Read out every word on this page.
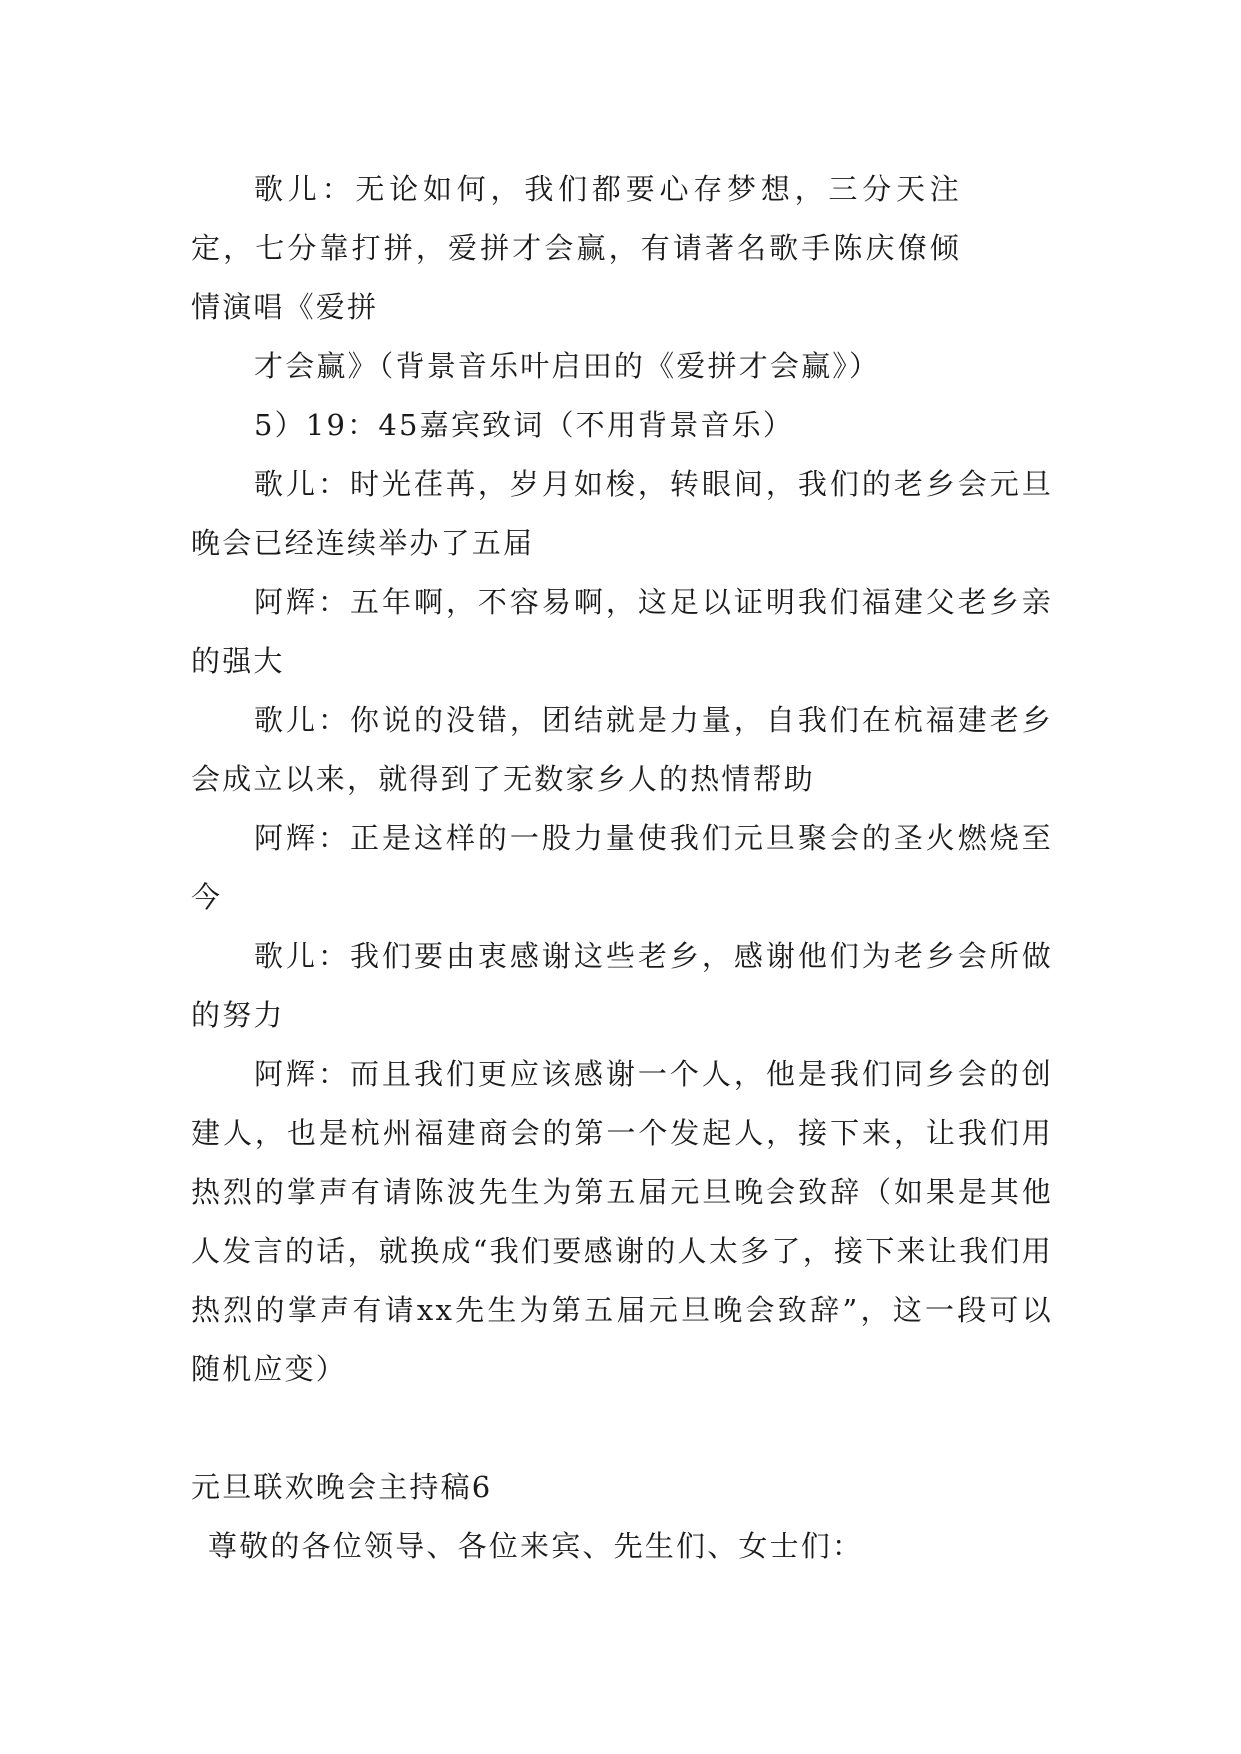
歌儿：无论如何，我们都要心存梦想，三分天注定，七分靠打拼，爱拼才会赢，有请著名歌手陈庆僚倾情演唱《爱拼

才会赢》（背景音乐叶启田的《爱拼才会赢》）

5）19：45嘉宾致词（不用背景音乐）

歌儿：时光荏苒，岁月如梭，转眼间，我们的老乡会元旦晚会已经连续举办了五届

阿辉：五年啊，不容易啊，这足以证明我们福建父老乡亲的强大

歌儿：你说的没错，团结就是力量，自我们在杭福建老乡会成立以来，就得到了无数家乡人的热情帮助

阿辉：正是这样的一股力量使我们元旦聚会的圣火燃烧至今

歌儿：我们要由衷感谢这些老乡，感谢他们为老乡会所做的努力

阿辉：而且我们更应该感谢一个人，他是我们同乡会的创建人，也是杭州福建商会的第一个发起人，接下来，让我们用热烈的掌声有请陈波先生为第五届元旦晚会致辞（如果是其他人发言的话，就换成“我们要感谢的人太多了，接下来让我们用热烈的掌声有请xx先生为第五届元旦晚会致辞”，这一段可以随机应变）

元旦联欢晚会主持稿6

尊敬的各位领导、各位来宾、先生们、女士们：
